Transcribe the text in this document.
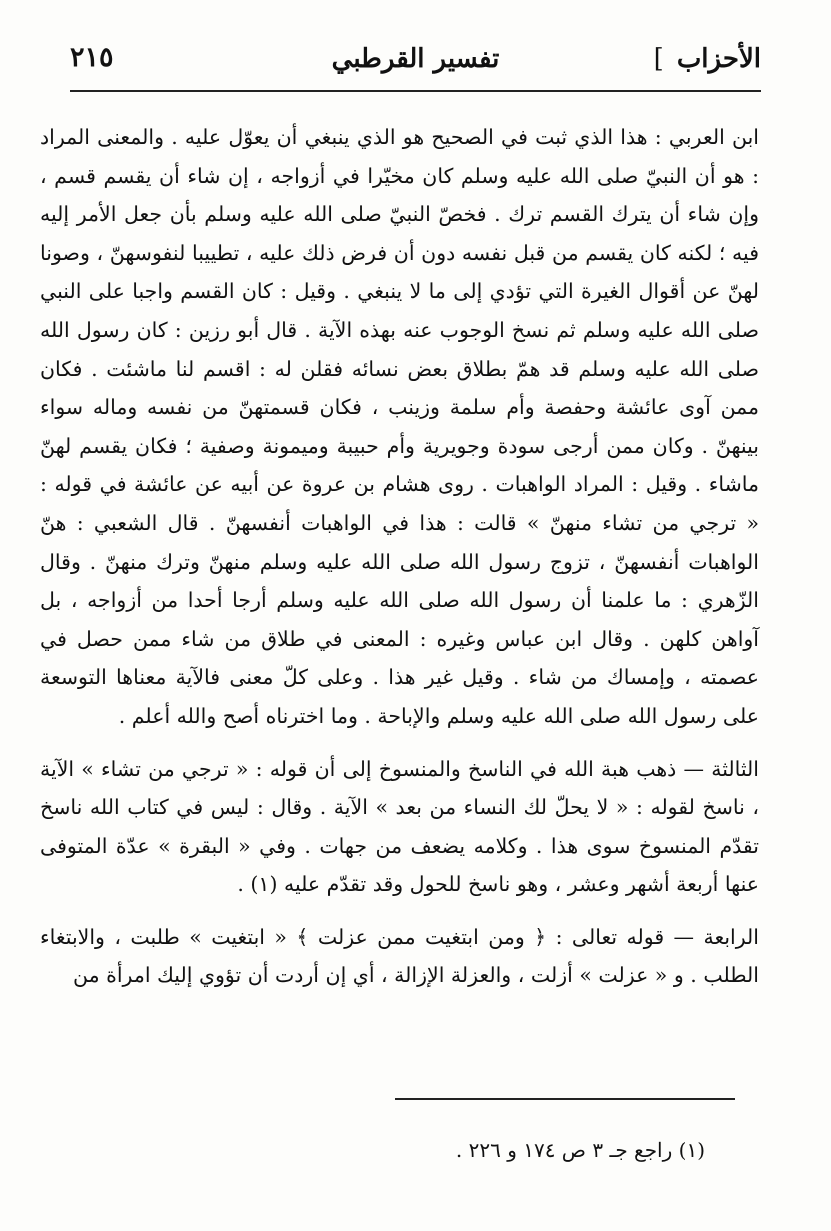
الأحزاب ]
تفسير القرطبي
٢١٥

ابن العربي : هذا الذي ثبت في الصحيح هو الذي ينبغي أن يعوّل عليه . والمعنى المراد : هو أن النبيّ صلى الله عليه وسلم كان مخيّرا في أزواجه ، إن شاء أن يقسم قسم ، وإن شاء أن يترك القسم ترك . فخصّ النبيّ صلى الله عليه وسلم بأن جعل الأمر إليه فيه ؛ لكنه كان يقسم من قبل نفسه دون أن فرض ذلك عليه ، تطييبا لنفوسهنّ ، وصونا لهنّ عن أقوال الغيرة التي تؤدي إلى ما لا ينبغي . وقيل : كان القسم واجبا على النبي صلى الله عليه وسلم ثم نسخ الوجوب عنه بهذه الآية . قال أبو رزين : كان رسول الله صلى الله عليه وسلم قد همّ بطلاق بعض نسائه فقلن له : اقسم لنا ماشئت . فكان ممن آوى عائشة وحفصة وأم سلمة وزينب ، فكان قسمتهنّ من نفسه وماله سواء بينهنّ . وكان ممن أرجى سودة وجويرية وأم حبيبة وميمونة وصفية ؛ فكان يقسم لهنّ ماشاء . وقيل : المراد الواهبات . روى هشام بن عروة عن أبيه عن عائشة في قوله : « ترجي من تشاء منهنّ » قالت : هذا في الواهبات أنفسهنّ . قال الشعبي : هنّ الواهبات أنفسهنّ ، تزوج رسول الله صلى الله عليه وسلم منهنّ وترك منهنّ . وقال الزّهري : ما علمنا أن رسول الله صلى الله عليه وسلم أرجا أحدا من أزواجه ، بل آواهن كلهن . وقال ابن عباس وغيره : المعنى في طلاق من شاء ممن حصل في عصمته ، وإمساك من شاء . وقيل غير هذا . وعلى كلّ معنى فالآية معناها التوسعة على رسول الله صلى الله عليه وسلم والإباحة . وما اخترناه أصح والله أعلم .

الثالثة — ذهب هبة الله في الناسخ والمنسوخ إلى أن قوله : « ترجي من تشاء » الآية ، ناسخ لقوله : « لا يحلّ لك النساء من بعد » الآية . وقال : ليس في كتاب الله ناسخ تقدّم المنسوخ سوى هذا . وكلامه يضعف من جهات . وفي « البقرة » عدّة المتوفى عنها أربعة أشهر وعشر ، وهو ناسخ للحول وقد تقدّم عليه (١) .

الرابعة — قوله تعالى : ﴿ ومن ابتغيت ممن عزلت ﴾ « ابتغيت » طلبت ، والابتغاء الطلب . و « عزلت » أزلت ، والعزلة الإزالة ، أي إن أردت أن تؤوي إليك امرأة من

(١) راجع جـ ٣ ص ١٧٤ و ٢٢٦ .
